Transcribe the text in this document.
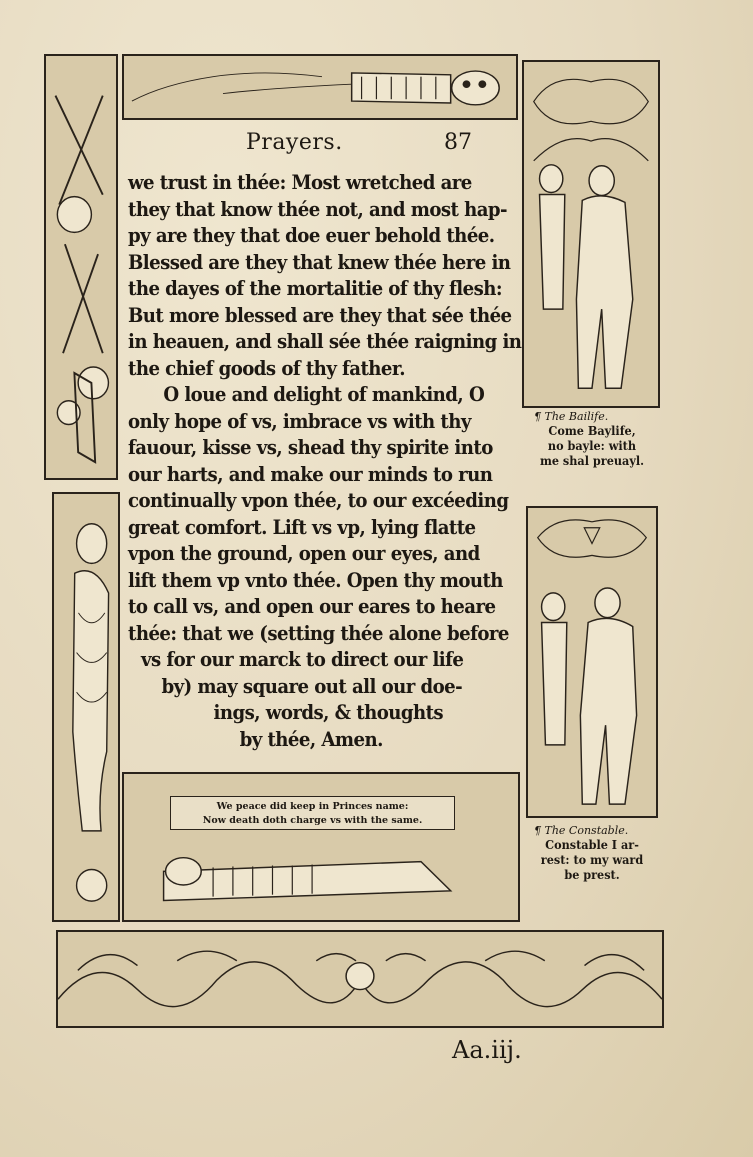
We peace did keep in Princes name:
Now death doth charge vs with the same.
Prayers.	87
we trust in thée: Most wretched are
they that know thée not, and most hap-
py are they that doe euer behold thée.
Blessed are they that knew thée here in
the dayes of the mortalitie of thy flesh:
But more blessed are they that sée thée
in heauen, and shall sée thée raigning in
the chief goods of thy father.
O loue and delight of mankind, O
only hope of vs, imbrace vs with thy
fauour, kisse vs, shead thy spirite into
our harts, and make our minds to run
continually vpon thée, to our excéeding
great comfort. Lift vs vp, lying flatte
vpon the ground, open our eyes, and
lift them vp vnto thée. Open thy mouth
to call vs, and open our eares to heare
thée: that we (setting thée alone before
vs for our marck to direct our life
by) may square out all our doe-
ings, words, & thoughts
by thée, Amen.
¶ The Bailife.
Come Baylife,
no bayle: with
me shal preuayl.
¶ The Constable.
Constable I ar-
rest: to my ward
be prest.
Aa.iij.
